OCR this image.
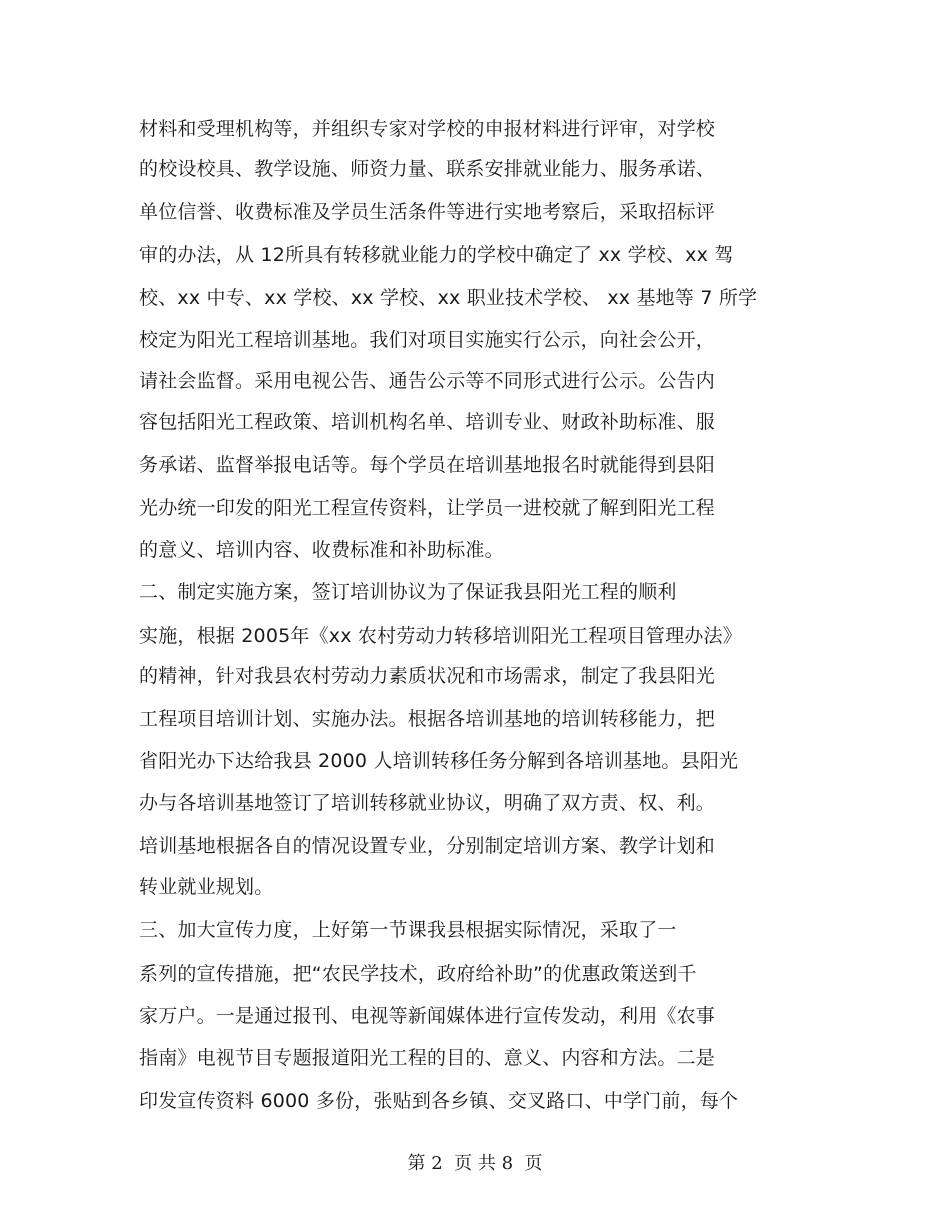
材料和受理机构等，并组织专家对学校的申报材料进行评审，对学校
的校设校具、教学设施、师资力量、联系安排就业能力、服务承诺、
单位信誉、收费标准及学员生活条件等进行实地考察后，采取招标评
审的办法，从 12所具有转移就业能力的学校中确定了 xx 学校、xx 驾
校、xx 中专、xx 学校、xx 学校、xx 职业技术学校、 xx 基地等 7 所学
校定为阳光工程培训基地。我们对项目实施实行公示，向社会公开，
请社会监督。采用电视公告、通告公示等不同形式进行公示。公告内
容包括阳光工程政策、培训机构名单、培训专业、财政补助标准、服
务承诺、监督举报电话等。每个学员在培训基地报名时就能得到县阳
光办统一印发的阳光工程宣传资料，让学员一进校就了解到阳光工程
的意义、培训内容、收费标准和补助标准。
二、制定实施方案，签订培训协议为了保证我县阳光工程的顺利
实施，根据 2005年《xx 农村劳动力转移培训阳光工程项目管理办法》
的精神，针对我县农村劳动力素质状况和市场需求，制定了我县阳光
工程项目培训计划、实施办法。根据各培训基地的培训转移能力，把
省阳光办下达给我县 2000 人培训转移任务分解到各培训基地。县阳光
办与各培训基地签订了培训转移就业协议，明确了双方责、权、利。
培训基地根据各自的情况设置专业，分别制定培训方案、教学计划和
转业就业规划。
三、加大宣传力度，上好第一节课我县根据实际情况，采取了一
系列的宣传措施，把“农民学技术，政府给补助”的优惠政策送到千
家万户。一是通过报刊、电视等新闻媒体进行宣传发动，利用《农事
指南》电视节目专题报道阳光工程的目的、意义、内容和方法。二是
印发宣传资料 6000 多份，张贴到各乡镇、交叉路口、中学门前，每个
第 2  页 共 8  页
